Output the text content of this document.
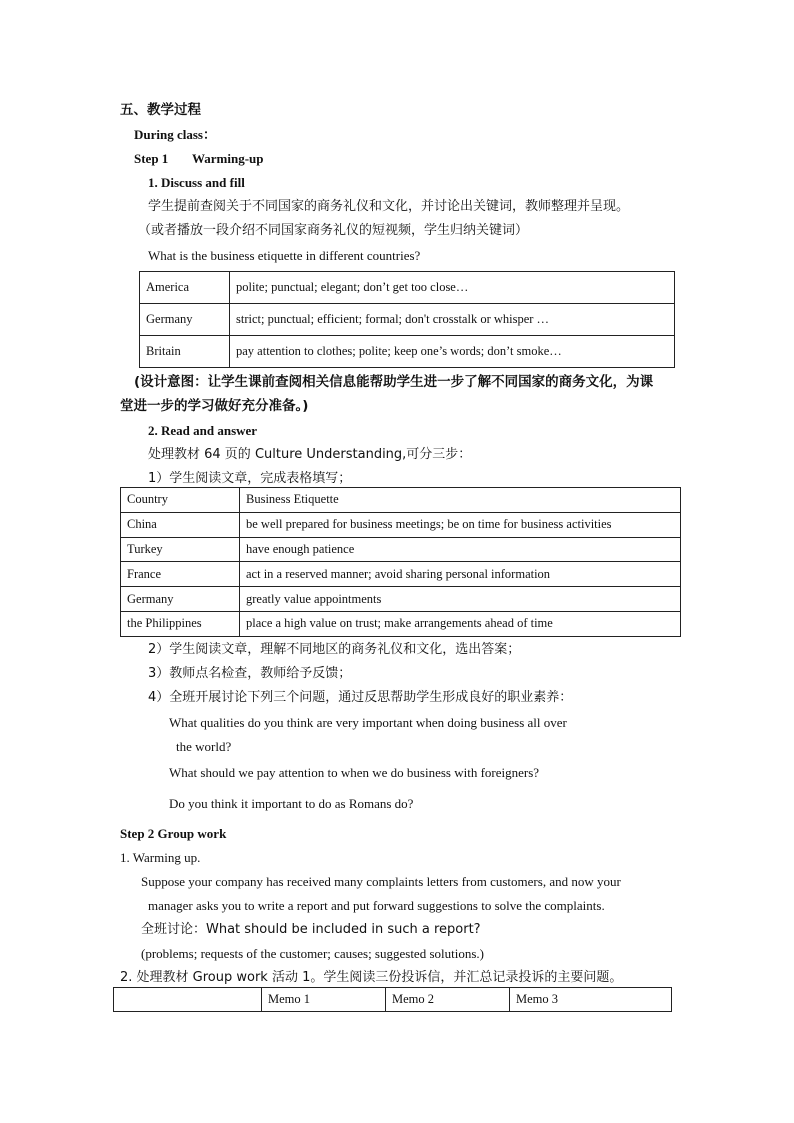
五、教学过程
During class：
Step 1 Warming-up
1. Discuss and fill
学生提前查阅关于不同国家的商务礼仪和文化，并讨论出关键词，教师整理并呈现。
（或者播放一段介绍不同国家商务礼仪的短视频，学生归纳关键词）
What is the business etiquette in different countries?
America	polite; punctual; elegant; don’t get too close…
Germany	strict; punctual; efficient; formal; don't crosstalk or whisper …
Britain	pay attention to clothes; polite; keep one’s words; don’t smoke…
(设计意图：让学生课前查阅相关信息能帮助学生进一步了解不同国家的商务文化，为课
堂进一步的学习做好充分准备。)
2. Read and answer
处理教材 64 页的 Culture Understanding,可分三步：
1）学生阅读文章，完成表格填写；
Country	Business Etiquette
China	be well prepared for business meetings; be on time for business activities
Turkey	have enough patience
France	act in a reserved manner; avoid sharing personal information
Germany	greatly value appointments
the Philippines	place a high value on trust; make arrangements ahead of time
2）学生阅读文章，理解不同地区的商务礼仪和文化，选出答案；
3）教师点名检查，教师给予反馈；
4）全班开展讨论下列三个问题，通过反思帮助学生形成良好的职业素养：
What qualities do you think are very important when doing business all over
the world?
What should we pay attention to when we do business with foreigners?
Do you think it important to do as Romans do?
Step 2 Group work
1. Warming up.
Suppose your company has received many complaints letters from customers, and now your
manager asks you to write a report and put forward suggestions to solve the complaints.
全班讨论：What should be included in such a report?
(problems; requests of the customer; causes; suggested solutions.)
2. 处理教材 Group work 活动 1。学生阅读三份投诉信，并汇总记录投诉的主要问题。
	Memo 1	Memo 2	Memo 3
